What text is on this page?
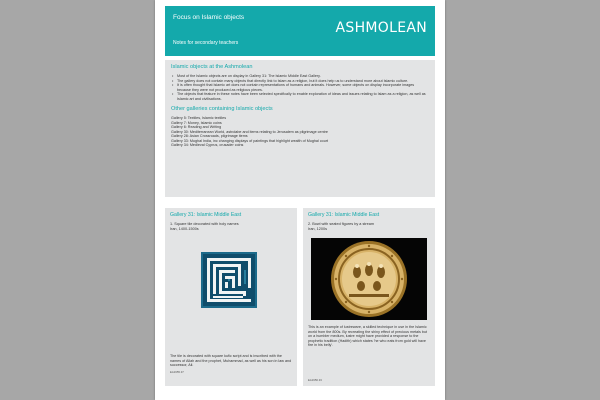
Focus on Islamic objects
Notes for secondary teachers
ASHMOLEAN
Islamic objects at the Ashmolean
• Most of the Islamic objects are on display in Gallery 31: The Islamic Middle East Gallery.
• The gallery does not contain many objects that directly link to Islam as a religion, but it does help us to understand more about Islamic culture.
• It is often thought that Islamic art does not contain representations of humans and animals. However, some objects on display incorporate images because they were not produced as religious pieces.
• The objects that feature in these notes have been selected specifically to enable exploration of ideas and issues relating to Islam as a religion, as well as Islamic art and civilisations.
Other galleries containing Islamic objects
Gallery 5: Textiles, Islamic textiles
Gallery 7: Money, Islamic coins
Gallery 6: Reading and Writing
Gallery 30: Mediterranean World, astrolabe and items relating to Jerusalem as pilgrimage centre
Gallery 28: Asian Crossroads, pilgrimage items
Gallery 33: Mughal India, inc changing displays of paintings that highlight wealth of Mughal court
Gallery 34: Medieval Cyprus, crusader coins
Gallery 31: Islamic Middle East
1. Square tile decorated with holy names
Iran, 1400-1500s
The tile is decorated with square kufic script and is inscribed with the names of Allah and the prophet, Muhammad, as well as his son in law and successor, Ali.
EA1955.37
Gallery 31: Islamic Middle East
2. Bowl with seated figures by a stream
Iran, 1200s
This is an example of lustreware, a skilled technique in use in the Islamic world from the 800s. By recreating the shiny effect of precious metals but on a humbler medium, lustre might have provided a response to the prophetic tradition (Hadith) which states 'he who eats from gold will have fire in his belly'.
EA1956.33
